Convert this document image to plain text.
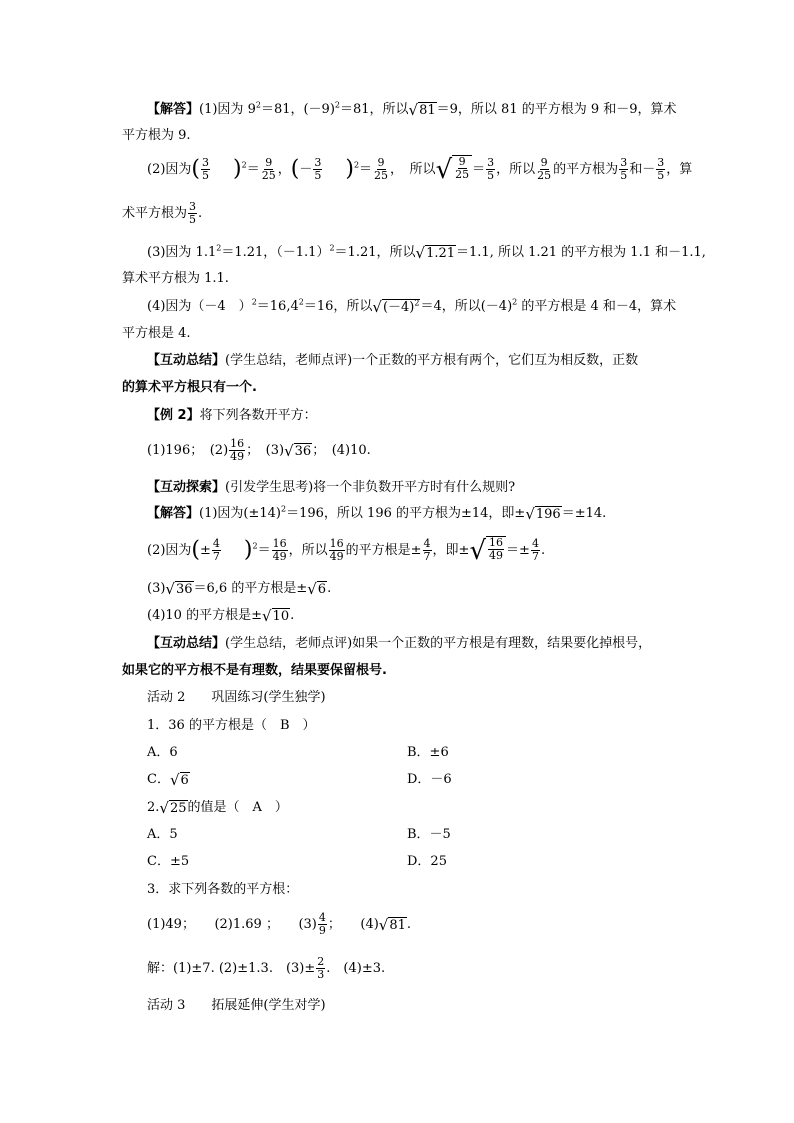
【解答】(1)因为 $9^2=81$，$(-9)^2=81$，所以 √ 81 ＝9，所以 81 的平方根为 9 和－9，算术
平方根为 9.
(2)因为( $\frac{3}{5}$ 　)$^2= \frac{9}{25}$ ，(－ $\frac{3}{5}$ 　)$^2= \frac{9}{25}$ ，　所以 √ $\frac{9}{25} = \frac{3}{5}$ ，所以 $\frac{9}{25}$ 的平方根为 $\frac{3}{5}$ 和－ $\frac{3}{5}$ ，算
术平方根为 $\frac{3}{5}$ .
(3)因为 $1.1^2=1.21$，$(-1.1)^2=1.21$，所以 √ 1.21 ＝1.1, 所以 1.21 的平方根为 1.1 和－1.1,
算术平方根为 1.1.
(4)因为（－4　）$^2=16,4^2=16$，所以 √ $(-4)^2 =4$，所以$(-4)^2$ 的平方根是 4 和－4，算术
平方根是 4.
【互动总结】(学生总结，老师点评)一个正数的平方根有两个，它们互为相反数，正数
的算术平方根只有一个.
【例 2】将下列各数开平方：
(1)196；　$(2) \frac{16}{49}$ ；　(3) √ 36 ；　(4)10.
【互动探索】(引发学生思考)将一个非负数开平方时有什么规则?
【解答】(1)因为$(\pm 14)^2=196$，所以 196 的平方根为±14，即± √ 196 ＝±14.
(2)因为(± $\frac{4}{7}$ 　)$^2= \frac{16}{49}$ ，所以 $\frac{16}{49}$ 的平方根是± $\frac{4}{7}$ ，即± √ $\frac{16}{49} =\pm \frac{4}{7}$ .
(3) √ 36 ＝6,6 的平方根是± √ 6 .
(4)10 的平方根是± √ 10 .
【互动总结】(学生总结，老师点评)如果一个正数的平方根是有理数，结果要化掉根号，
如果它的平方根不是有理数，结果要保留根号.
活动 2　　巩固练习(学生独学)
1．36 的平方根是（　B　）
A．6	B．±6
C． √ 6	D．－6
2. √ 25 的值是（　A　）
A．5	B．－5
C．±5	D．25
3．求下列各数的平方根：
(1)49；　　(2)1.69 ；　　$(3) \frac{4}{9}$ ；　　(4) √ 81 .
解：(1)±7. (2)±1.3.　$(3)\pm \frac{2}{3}$ .　(4)±3.
活动 3　　拓展延伸(学生对学)
